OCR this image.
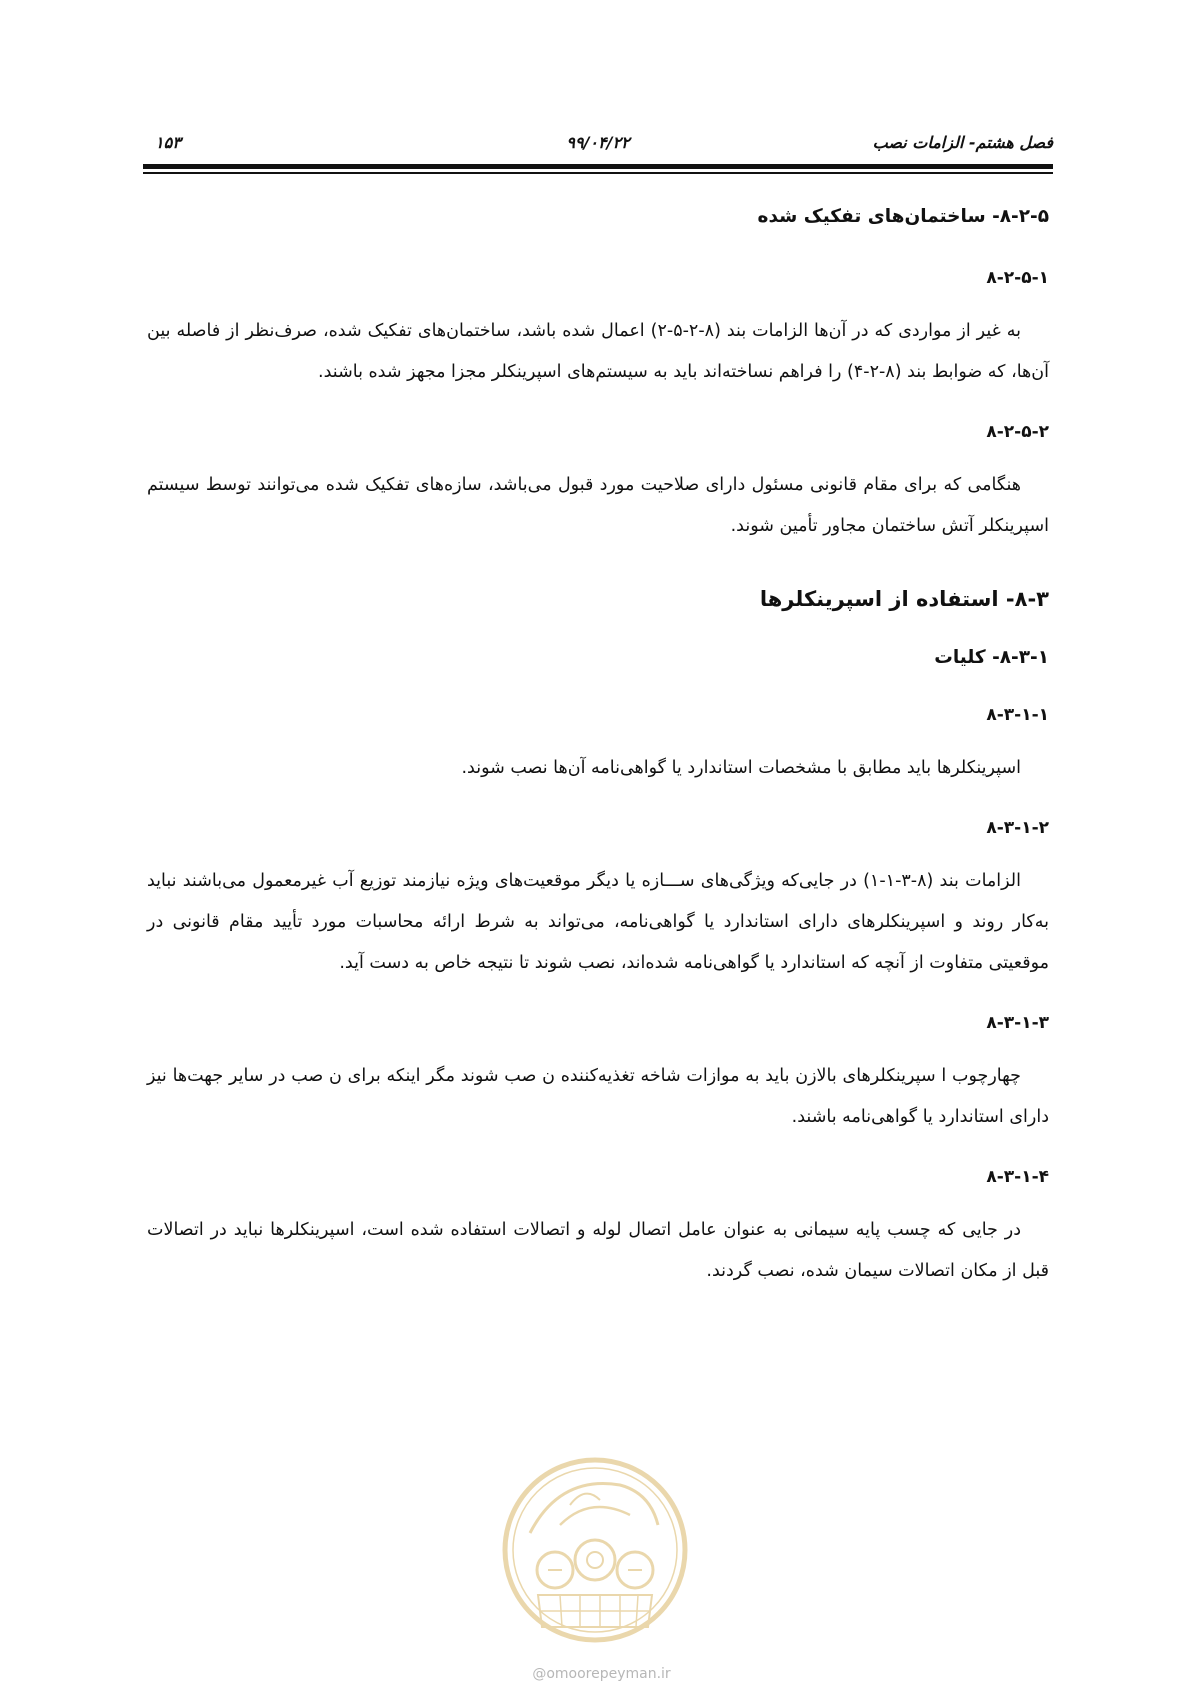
فصل هشتم- الزامات نصب
۹۹/۰۴/۲۲
۱۵۳
۸-۲-۵- ساختمان‌های تفکیک شده
۸-۲-۵-۱

به غیر از مواردی که در آن‌ها الزامات بند (۸-۲-۵-۲) اعمال شده باشد، ساختمان‌های تفکیک شده، صرف‌نظر از فاصله بین آن‌ها، که ضوابط بند (۸-۲-۴) را فراهم نساخته‌اند باید به سیستم‌های اسپرینکلر مجزا مجهز شده باشند.

۸-۲-۵-۲

هنگامی که برای مقام قانونی مسئول دارای صلاحیت مورد قبول می‌باشد، سازه‌های تفکیک شده می‌توانند توسط سیستم اسپرینکلر آتش ساختمان مجاور تأمین شوند.

۸-۳- استفاده از اسپرینکلرها
۸-۳-۱- کلیات
۸-۳-۱-۱

اسپرینکلرها باید مطابق با مشخصات استاندارد یا گواهی‌نامه آن‌ها نصب شوند.

۸-۳-۱-۲

الزامات بند (۸-۳-۱-۱) در جایی‌که ویژگی‌های ســـازه یا دیگر موقعیت‌های ویژه نیازمند توزیع آب غیرمعمول می‌باشند نباید به‌کار روند و اسپرینکلرهای دارای استاندارد یا گواهی‌نامه، می‌تواند به شرط ارائه محاسبات مورد تأیید مقام قانونی در موقعیتی متفاوت از آنچه که استاندارد یا گواهی‌نامه شده‌اند، نصب شوند تا نتیجه خاص به دست آید.

۸-۳-۱-۳

چهارچوب ا سپرینکلرهای بالازن باید به موازات شاخه تغذیه‌کننده ن صب شوند مگر اینکه برای ن صب در سایر جهت‌ها نیز دارای استاندارد یا گواهی‌نامه باشند.

۸-۳-۱-۴

در جایی که چسب پایه سیمانی به عنوان عامل اتصال لوله و اتصالات استفاده شده است، اسپرینکلرها نباید در اتصالات قبل از مکان اتصالات سیمان شده، نصب گردند.

@omoorepeyman.ir
